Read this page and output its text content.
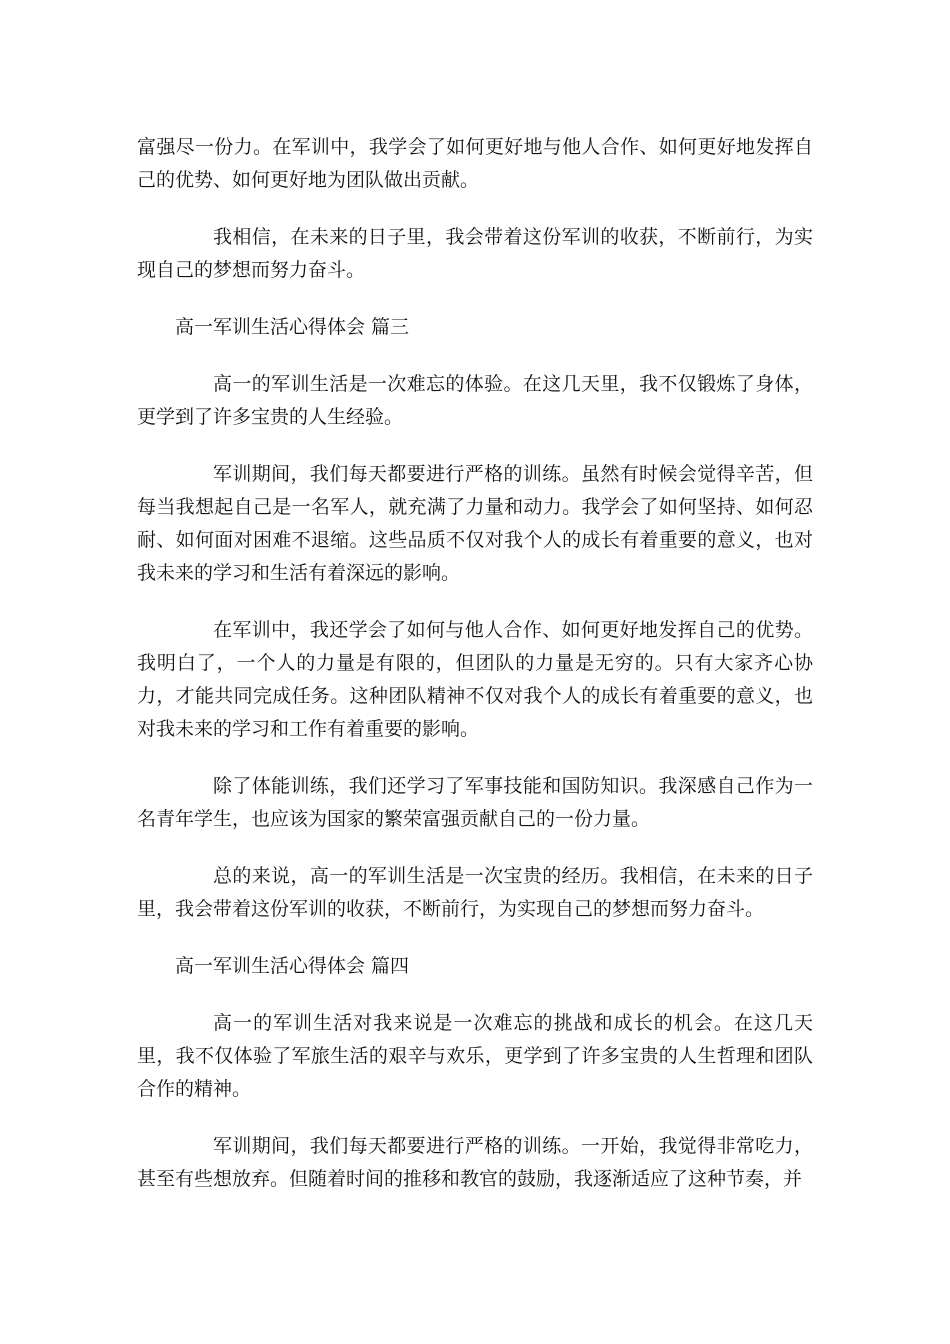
富强尽一份力。在军训中，我学会了如何更好地与他人合作、如何更好地发挥自己的优势、如何更好地为团队做出贡献。

我相信，在未来的日子里，我会带着这份军训的收获，不断前行，为实现自己的梦想而努力奋斗。

高一军训生活心得体会 篇三

高一的军训生活是一次难忘的体验。在这几天里，我不仅锻炼了身体，更学到了许多宝贵的人生经验。

军训期间，我们每天都要进行严格的训练。虽然有时候会觉得辛苦，但每当我想起自己是一名军人，就充满了力量和动力。我学会了如何坚持、如何忍耐、如何面对困难不退缩。这些品质不仅对我个人的成长有着重要的意义，也对我未来的学习和生活有着深远的影响。

在军训中，我还学会了如何与他人合作、如何更好地发挥自己的优势。我明白了，一个人的力量是有限的，但团队的力量是无穷的。只有大家齐心协力，才能共同完成任务。这种团队精神不仅对我个人的成长有着重要的意义，也对我未来的学习和工作有着重要的影响。

除了体能训练，我们还学习了军事技能和国防知识。我深感自己作为一名青年学生，也应该为国家的繁荣富强贡献自己的一份力量。

总的来说，高一的军训生活是一次宝贵的经历。我相信，在未来的日子里，我会带着这份军训的收获，不断前行，为实现自己的梦想而努力奋斗。

高一军训生活心得体会 篇四

高一的军训生活对我来说是一次难忘的挑战和成长的机会。在这几天里，我不仅体验了军旅生活的艰辛与欢乐，更学到了许多宝贵的人生哲理和团队合作的精神。

军训期间，我们每天都要进行严格的训练。一开始，我觉得非常吃力，甚至有些想放弃。但随着时间的推移和教官的鼓励，我逐渐适应了这种节奏，并
